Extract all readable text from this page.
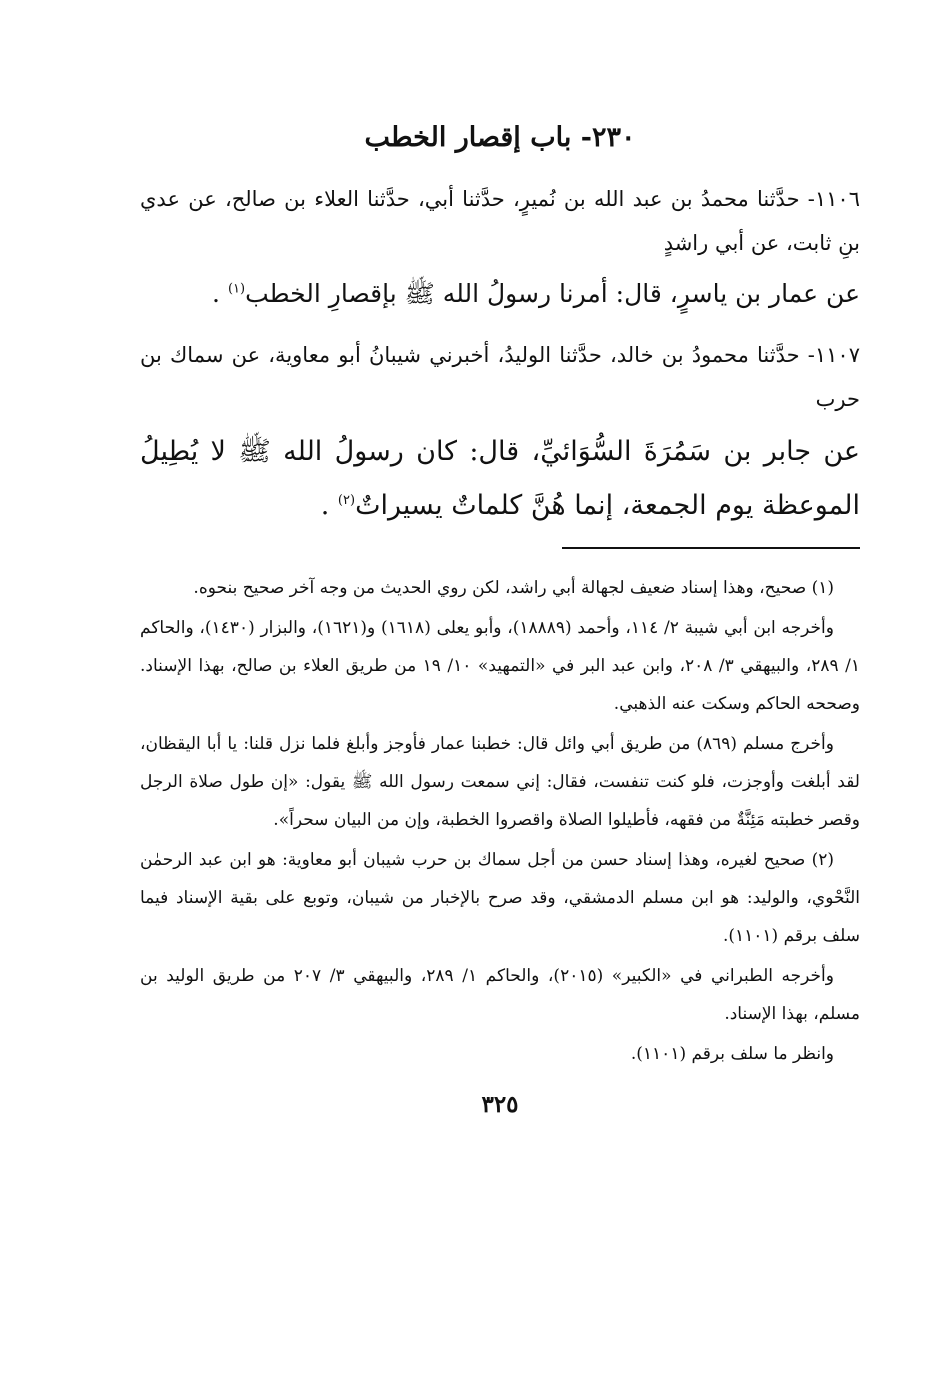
٢٣٠- باب إقصار الخطب

١١٠٦- حدَّثنا محمدُ بن عبد الله بن نُميرٍ، حدَّثنا أبي، حدَّثنا العلاء بن صالح، عن عدي بنِ ثابت، عن أبي راشدٍ

عن عمار بن ياسرٍ، قال: أمرنا رسولُ الله ﷺ بإقصارِ الخطب$^{(١)}$ .

١١٠٧- حدَّثنا محمودُ بن خالد، حدَّثنا الوليدُ، أخبرني شيبانُ أبو معاوية، عن سماك بن حرب

عن جابر بن سَمُرَةَ السُّوَائيِّ، قال: كان رسولُ الله ﷺ لا يُطِيلُ الموعظة يوم الجمعة، إنما هُنَّ كلماتٌ يسيراتٌ$^{(٢)}$ .

(١) صحيح، وهذا إسناد ضعيف لجهالة أبي راشد، لكن روي الحديث من وجه آخر صحيح بنحوه.

وأخرجه ابن أبي شيبة ٢/ ١١٤، وأحمد (١٨٨٨٩)، وأبو يعلى (١٦١٨) و(١٦٢١)، والبزار (١٤٣٠)، والحاكم ١/ ٢٨٩، والبيهقي ٣/ ٢٠٨، وابن عبد البر في «التمهيد» ١٠/ ١٩ من طريق العلاء بن صالح، بهذا الإسناد. وصححه الحاكم وسكت عنه الذهبي.

وأخرج مسلم (٨٦٩) من طريق أبي وائل قال: خطبنا عمار فأوجز وأبلغ فلما نزل قلنا: يا أبا اليقظان، لقد أبلغت وأوجزت، فلو كنت تنفست، فقال: إني سمعت رسول الله ﷺ يقول: «إن طول صلاة الرجل وقصر خطبته مَئِنَّةٌ من فقهه، فأطيلوا الصلاة واقصروا الخطبة، وإن من البيان سحراً».

(٢) صحيح لغيره، وهذا إسناد حسن من أجل سماك بن حرب شيبان أبو معاوية: هو ابن عبد الرحمٰن النَّحْوي، والوليد: هو ابن مسلم الدمشقي، وقد صرح بالإخبار من شيبان، وتوبع على بقية الإسناد فيما سلف برقم (١١٠١).

وأخرجه الطبراني في «الكبير» (٢٠١٥)، والحاكم ١/ ٢٨٩، والبيهقي ٣/ ٢٠٧ من طريق الوليد بن مسلم، بهذا الإسناد.

وانظر ما سلف برقم (١١٠١).

٣٢٥
